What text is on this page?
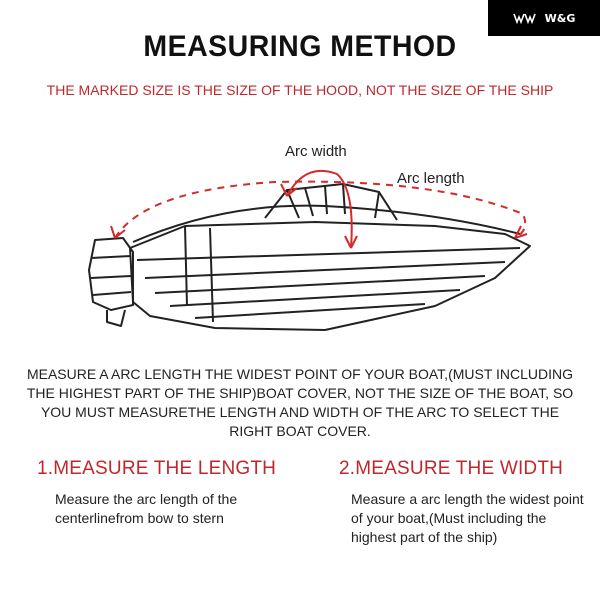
W&G
MEASURING METHOD
THE MARKED SIZE IS THE SIZE OF THE HOOD, NOT THE SIZE OF THE SHIP
Arc width
Arc length
MEASURE A ARC LENGTH THE WIDEST POINT OF YOUR BOAT,(MUST INCLUDING THE HIGHEST PART OF THE SHIP)BOAT COVER, NOT THE SIZE OF THE BOAT, SO YOU MUST MEASURETHE LENGTH AND WIDTH OF THE ARC TO SELECT THE RIGHT BOAT COVER.
1.MEASURE THE LENGTH
Measure the arc length of the centerlinefrom bow to stern
2.MEASURE THE WIDTH
Measure a arc length the widest point of your boat,(Must including the highest part of the ship)
